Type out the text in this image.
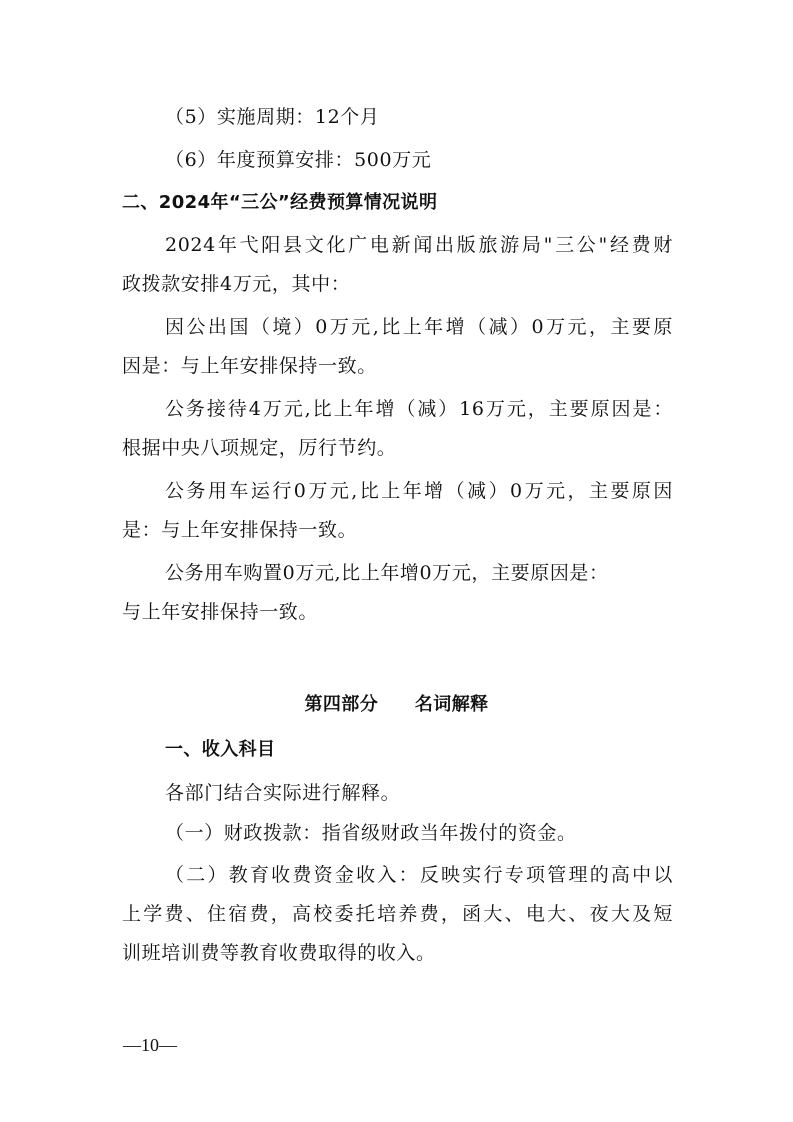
（5）实施周期：12个月
（6）年度预算安排：500万元
二、2024年“三公”经费预算情况说明
2024年弋阳县文化广电新闻出版旅游局"三公"经费财
政拨款安排4万元，其中：
因公出国（境）0万元,比上年增（减）0万元，主要原
因是：与上年安排保持一致。
公务接待4万元,比上年增（减）16万元，主要原因是：
根据中央八项规定，厉行节约。
公务用车运行0万元,比上年增（减）0万元，主要原因
是：与上年安排保持一致。
公务用车购置0万元,比上年增0万元，主要原因是：
与上年安排保持一致。
第四部分　　名词解释
一、收入科目
各部门结合实际进行解释。
（一）财政拨款：指省级财政当年拨付的资金。
（二）教育收费资金收入：反映实行专项管理的高中以
上学费、住宿费，高校委托培养费，函大、电大、夜大及短
训班培训费等教育收费取得的收入。
—10—
